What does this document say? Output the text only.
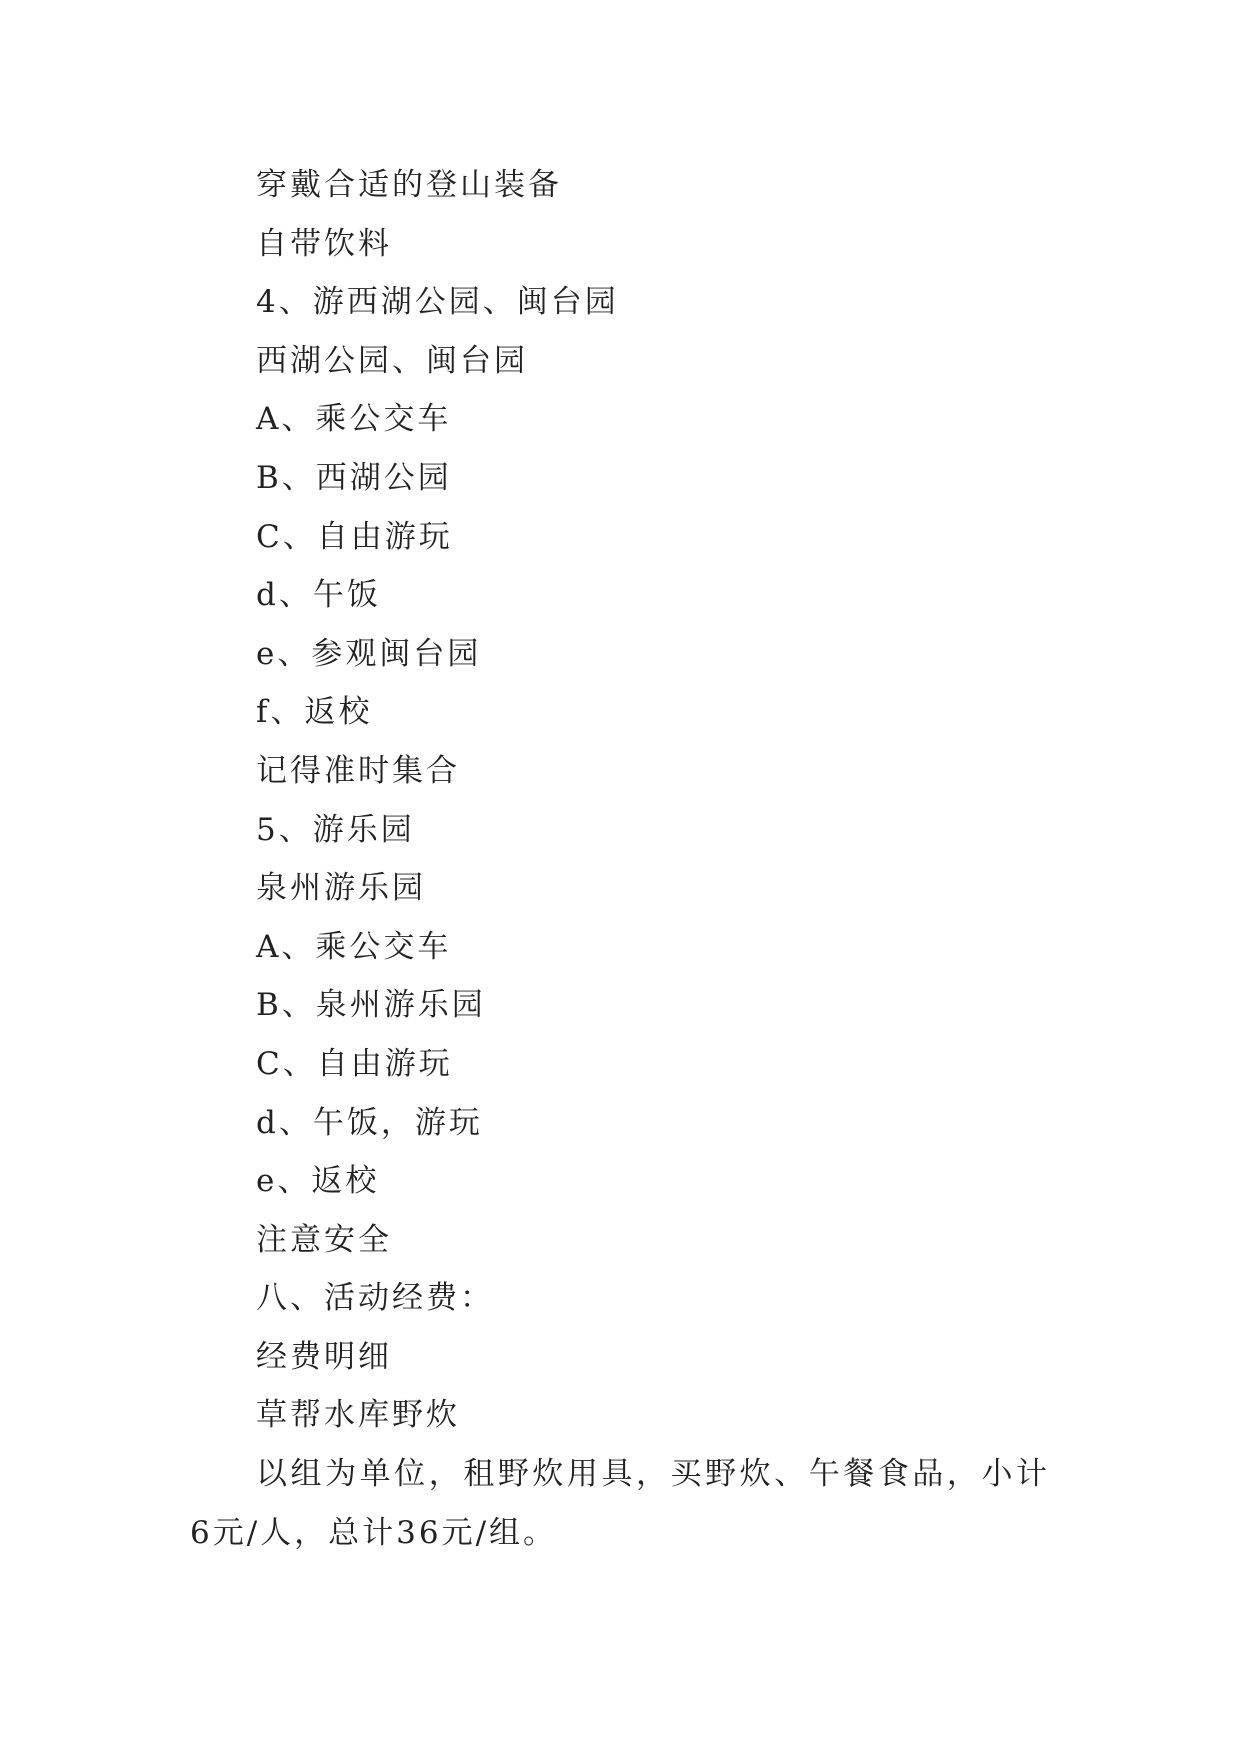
穿戴合适的登山装备
自带饮料
4、游西湖公园、闽台园
西湖公园、闽台园
A、乘公交车
B、西湖公园
C、自由游玩
d、午饭
e、参观闽台园
f、返校
记得准时集合
5、游乐园
泉州游乐园
A、乘公交车
B、泉州游乐园
C、自由游玩
d、午饭，游玩
e、返校
注意安全
八、活动经费：
经费明细
草帮水库野炊

以组为单位，租野炊用具，买野炊、午餐食品，小计6元/人，总计36元/组。
